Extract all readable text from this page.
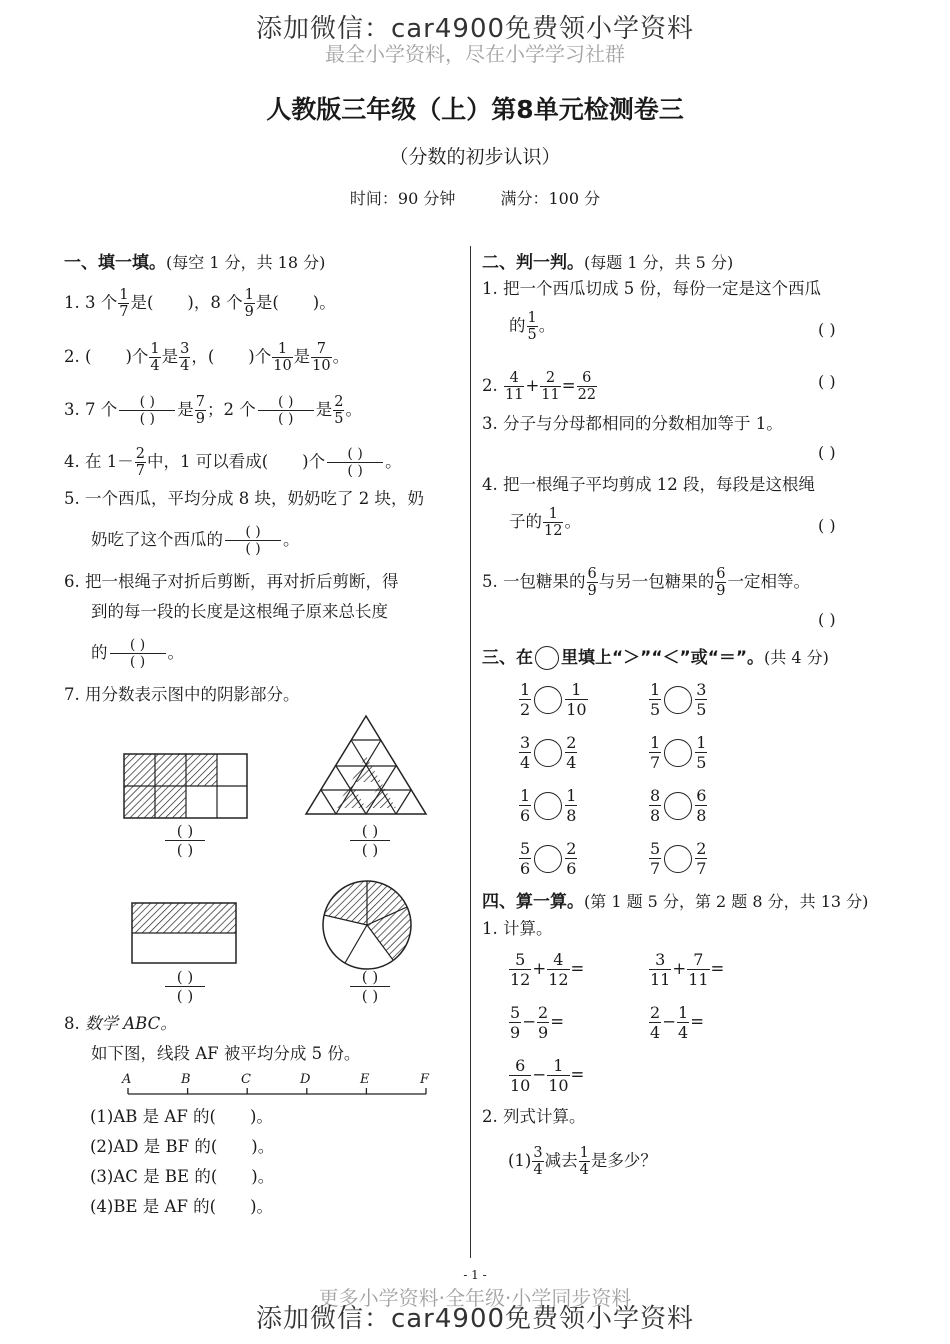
最全小学资料，尽在小学学习社群
添加微信：car4900免费领小学资料
人教版三年级（上）第8单元检测卷三
（分数的初步认识）
时间：90 分钟	满分：100 分
一、填一填。(每空 1 分，共 18 分)
1. 3 个 $\frac{1}{7}$ 是( )，8 个 $\frac{1}{9}$ 是( )。
2. ( )个 $\frac{1}{4}$ 是 $\frac{3}{4}$ ，( )个 $\frac{1}{10}$ 是 $\frac{7}{10}$ 。
3. 7 个	( )
( )	是 $\frac{7}{9}$ ；2 个	( )
( )	是 $\frac{2}{5}$ 。
4. 在 $1- \frac{2}{7}$ 中，1 可以看成( )个	( )
( )	。
5. 一个西瓜，平均分成 8 块，奶奶吃了 2 块，奶
奶吃了这个西瓜的	( )
( )	。
6. 把一根绳子对折后剪断，再对折后剪断，得
到的每一段的长度是这根绳子原来总长度
的	( )
( )	。
7. 用分数表示图中的阴影部分。
( )
( )
( )
( )
( )
( )
( )
( )
8. 数学 ABC。
如下图，线段 AF 被平均分成 5 份。
A	B	C	D	E	F
(1)AB 是 AF 的( )。
(2)AD 是 BF 的( )。
(3)AC 是 BE 的( )。
(4)BE 是 AF 的( )。
二、判一判。(每题 1 分，共 5 分)
1. 把一个西瓜切成 5 份，每份一定是这个西瓜
的 $\frac{1}{5}$ 。	( )
2. $\frac{4}{11} + \frac{2}{11} = \frac{6}{22}$	( )
3. 分子与分母都相同的分数相加等于 1。
( )
4. 把一根绳子平均剪成 12 段，每段是这根绳
子的 $\frac{1}{12}$ 。	( )
5. 一包糖果的 $\frac{6}{9}$ 与另一包糖果的 $\frac{6}{9}$ 一定相等。
( )
三、在 里填上“＞”“＜”或“＝”。(共 4 分)
$\frac{1}{2} \frac{1}{10}$	$\frac{1}{5} \frac{3}{5}$
$\frac{3}{4} \frac{2}{4}$	$\frac{1}{7} \frac{1}{5}$
$\frac{1}{6} \frac{1}{8}$	$\frac{8}{8} \frac{6}{8}$
$\frac{5}{6} \frac{2}{6}$	$\frac{5}{7} \frac{2}{7}$
四、算一算。(第 1 题 5 分，第 2 题 8 分，共 13 分)
1. 计算。
$\frac{5}{12} + \frac{4}{12}$ =	$\frac{3}{11} + \frac{7}{11}$ =
$\frac{5}{9} - \frac{2}{9}$ =	$\frac{2}{4} - \frac{1}{4}$ =
$\frac{6}{10} - \frac{1}{10}$ =
2. 列式计算。
$(1) \frac{3}{4}$ 减去 $\frac{1}{4}$ 是多少？
- 1 -
更多小学资料·全年级·小学同步资料
添加微信：car4900免费领小学资料
